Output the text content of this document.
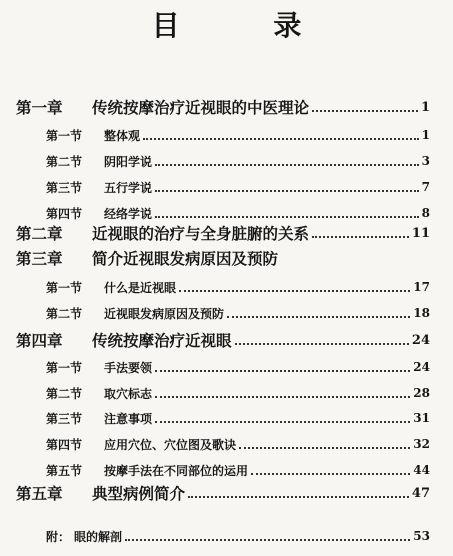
目 录
第一章	传统按摩治疗近视眼的中医理论	1
第一节	整体观	1
第二节	阴阳学说	3
第三节	五行学说	7
第四节	经络学说	8
第二章	近视眼的治疗与全身脏腑的关系	11
第三章	简介近视眼发病原因及预防
第一节	什么是近视眼	17
第二节	近视眼发病原因及预防	18
第四章	传统按摩治疗近视眼	24
第一节	手法要领	24
第二节	取穴标志	28
第三节	注意事项	31
第四节	应用穴位、穴位图及歌诀	32
第五节	按摩手法在不同部位的运用	44
第五章	典型病例简介	47
附： 眼的解剖	53
